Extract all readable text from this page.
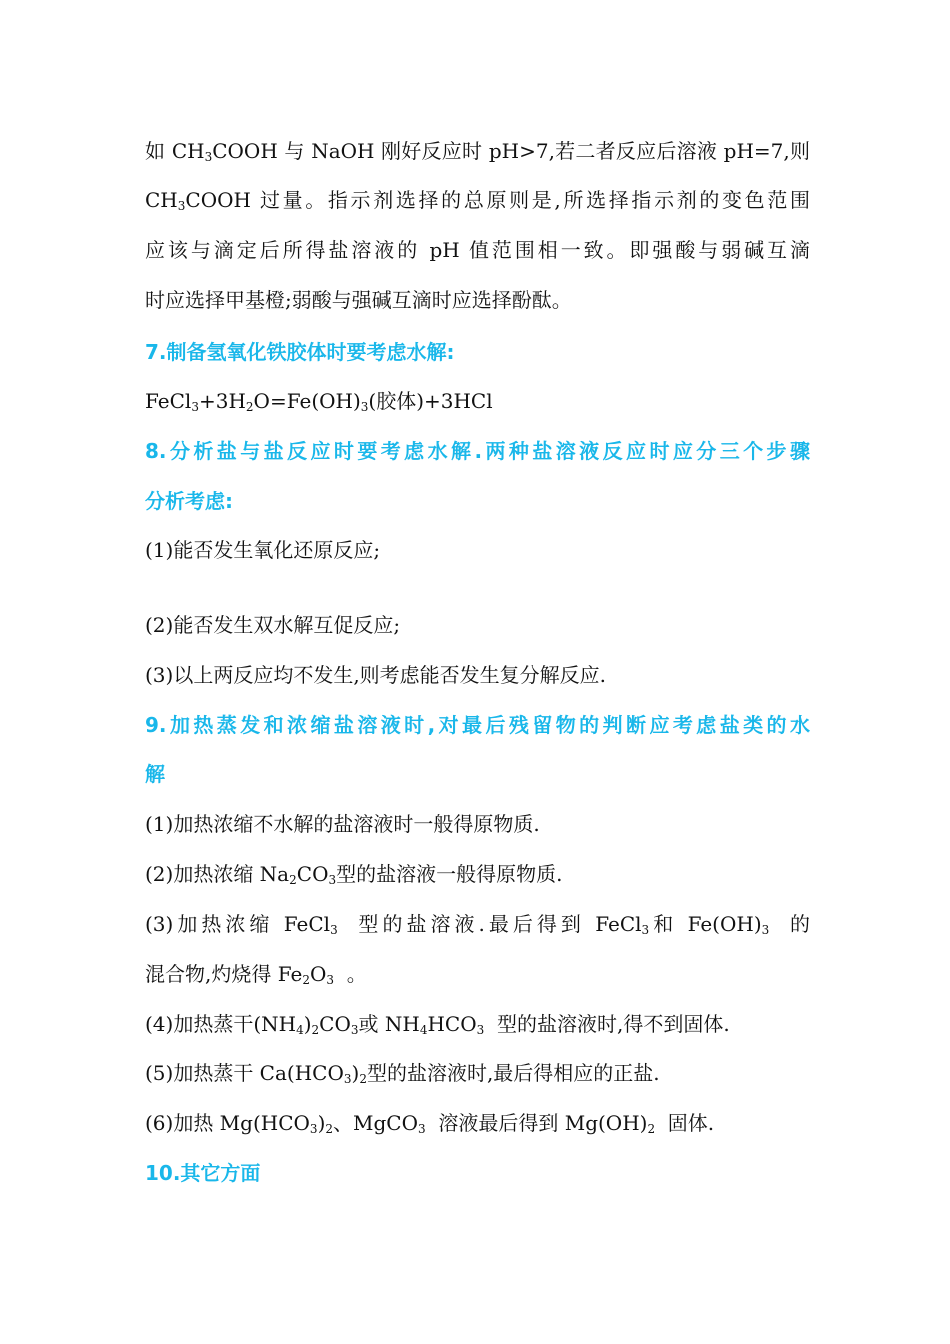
如 $CH_3COOH$ 与 NaOH 刚好反应时 pH>7,若二者反应后溶液 pH=7,则
$CH_3COOH$ 过量。指示剂选择的总原则是,所选择指示剂的变色范围
应该与滴定后所得盐溶液的 pH 值范围相一致。即强酸与弱碱互滴
时应选择甲基橙;弱酸与强碱互滴时应选择酚酞。
7.制备氢氧化铁胶体时要考虑水解:
$FeCl_3+3H_2O=Fe(OH)_3$(胶体)+3HCl
8.分析盐与盐反应时要考虑水解.两种盐溶液反应时应分三个步骤
分析考虑:
(1)能否发生氧化还原反应;
(2)能否发生双水解互促反应;
(3)以上两反应均不发生,则考虑能否发生复分解反应.
9.加热蒸发和浓缩盐溶液时,对最后残留物的判断应考虑盐类的水
解
(1)加热浓缩不水解的盐溶液时一般得原物质.
(2)加热浓缩 $Na_2CO_3$型的盐溶液一般得原物质.
(3)加热浓缩 FeCl$_3$  型的盐溶液.最后得到 FeCl$_3$和 $Fe(OH)_3$  的
混合物,灼烧得 $Fe_2O_3$  。
(4)加热蒸干$(NH_4)_2CO_3$或 $NH_4HCO_3$  型的盐溶液时,得不到固体.
(5)加热蒸干 $Ca(HCO_3)_2$型的盐溶液时,最后得相应的正盐.
(6)加热 $Mg(HCO_3)_2$、MgCO$_3$  溶液最后得到 $Mg(OH)_2$  固体.
10.其它方面
